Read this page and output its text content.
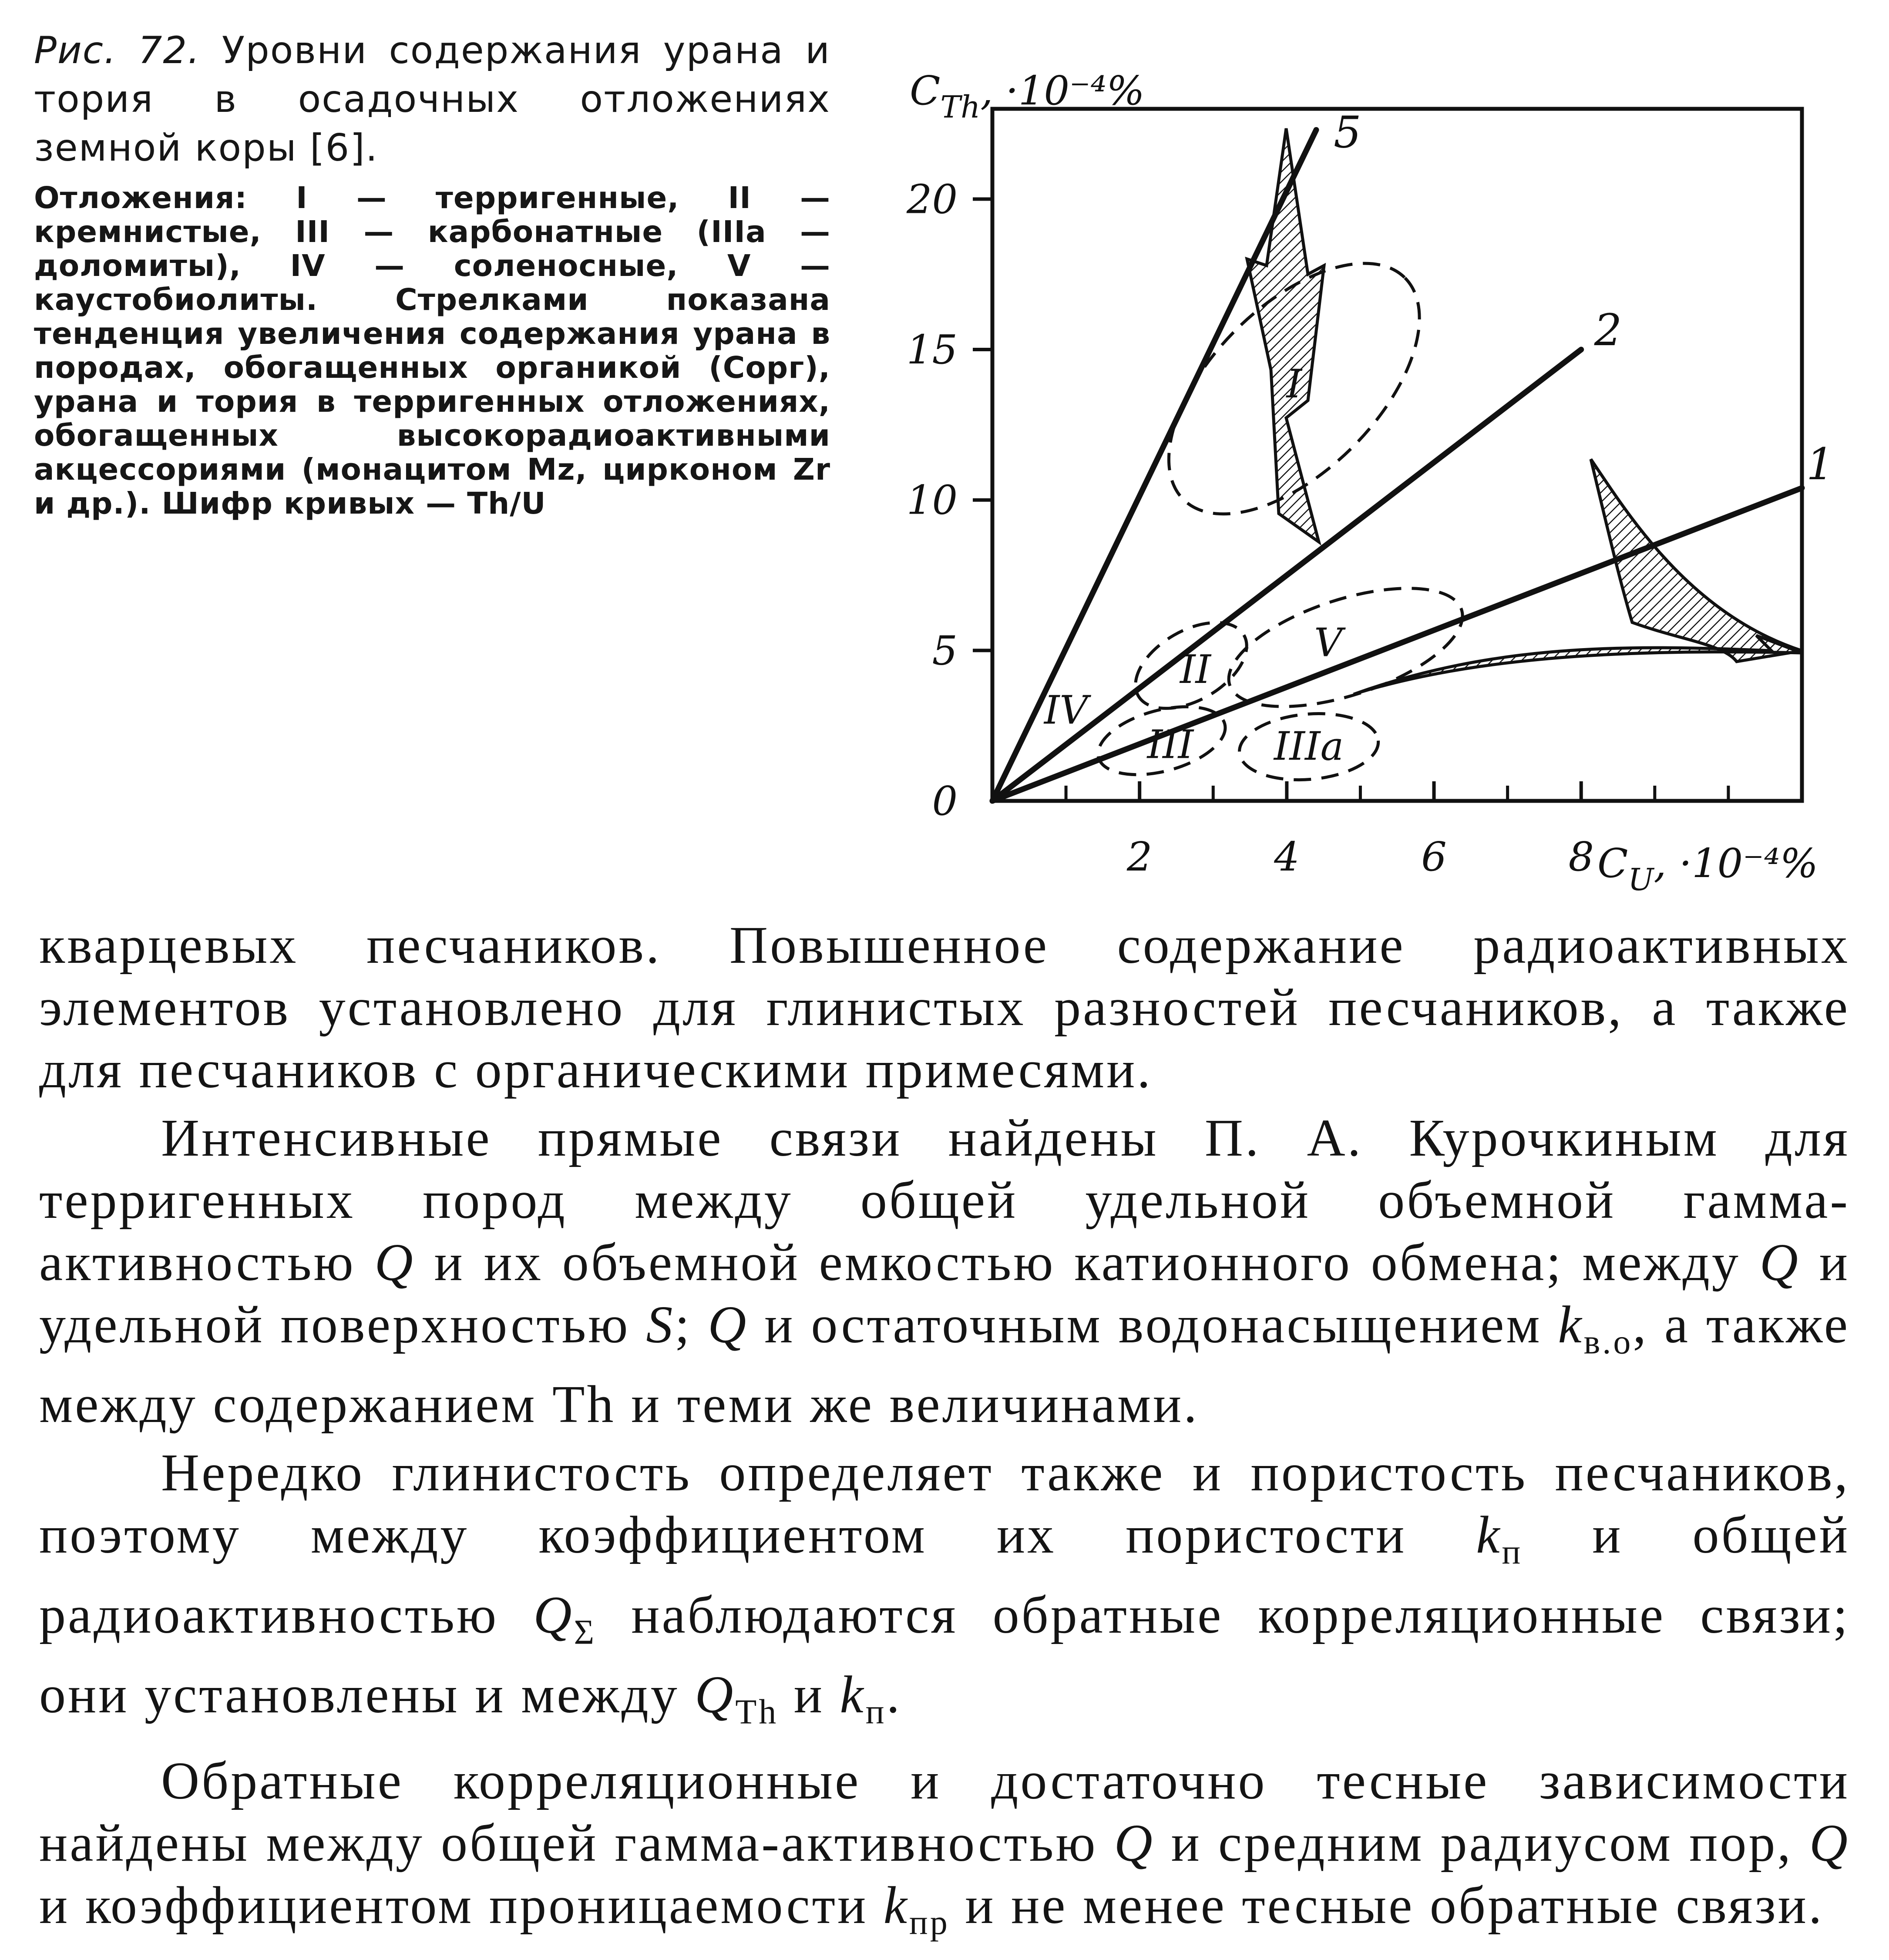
Рис. 72. Уровни содержания урана и тория в осадочных отложениях земной коры [6].

Отложения: I — терригенные, II — кремнистые, III — карбонатные (IIIa — доломиты), IV — соленосные, V — каустобиолиты. Стрелками показана тенденция увеличения содержания урана в породах, обогащенных органикой (Сорг), урана и тория в терригенных отложениях, обогащенных высокорадиоактивными акцессориями (монацитом Mz, цирконом Zr и др.). Шифр кривых — Th/U

II
III IIIa
IV
V
1
2
5
0
5
10
15
20
2	4	6	8
$C_{Th}$, ·10⁻⁴%
$C_U$, ·10⁻⁴%

кварцевых песчаников. Повышенное содержание радиоактивных элементов установлено для глинистых разностей песчаников, а также для песчаников с органическими примесями.

Интенсивные прямые связи найдены П. А. Курочкиным для терригенных пород между общей удельной объемной гамма-активностью Q и их объемной емкостью катионного обмена; между Q и удельной поверхностью S; Q и остаточным водонасыщением $k_{в.о}$, а также между содержанием Th и теми же величинами.

Нередко глинистость определяет также и пористость песчаников, поэтому между коэффициентом их пористости $k_п$ и общей радиоактивностью $Q_\Sigma$ наблюдаются обратные корреляционные связи; они установлены и между $Q_{Th}$ и $k_п$.

Обратные корреляционные и достаточно тесные зависимости найдены между общей гамма-активностью Q и средним радиусом пор, Q и коэффициентом проницаемости $k_{пр}$ и не менее тесные обратные связи.
